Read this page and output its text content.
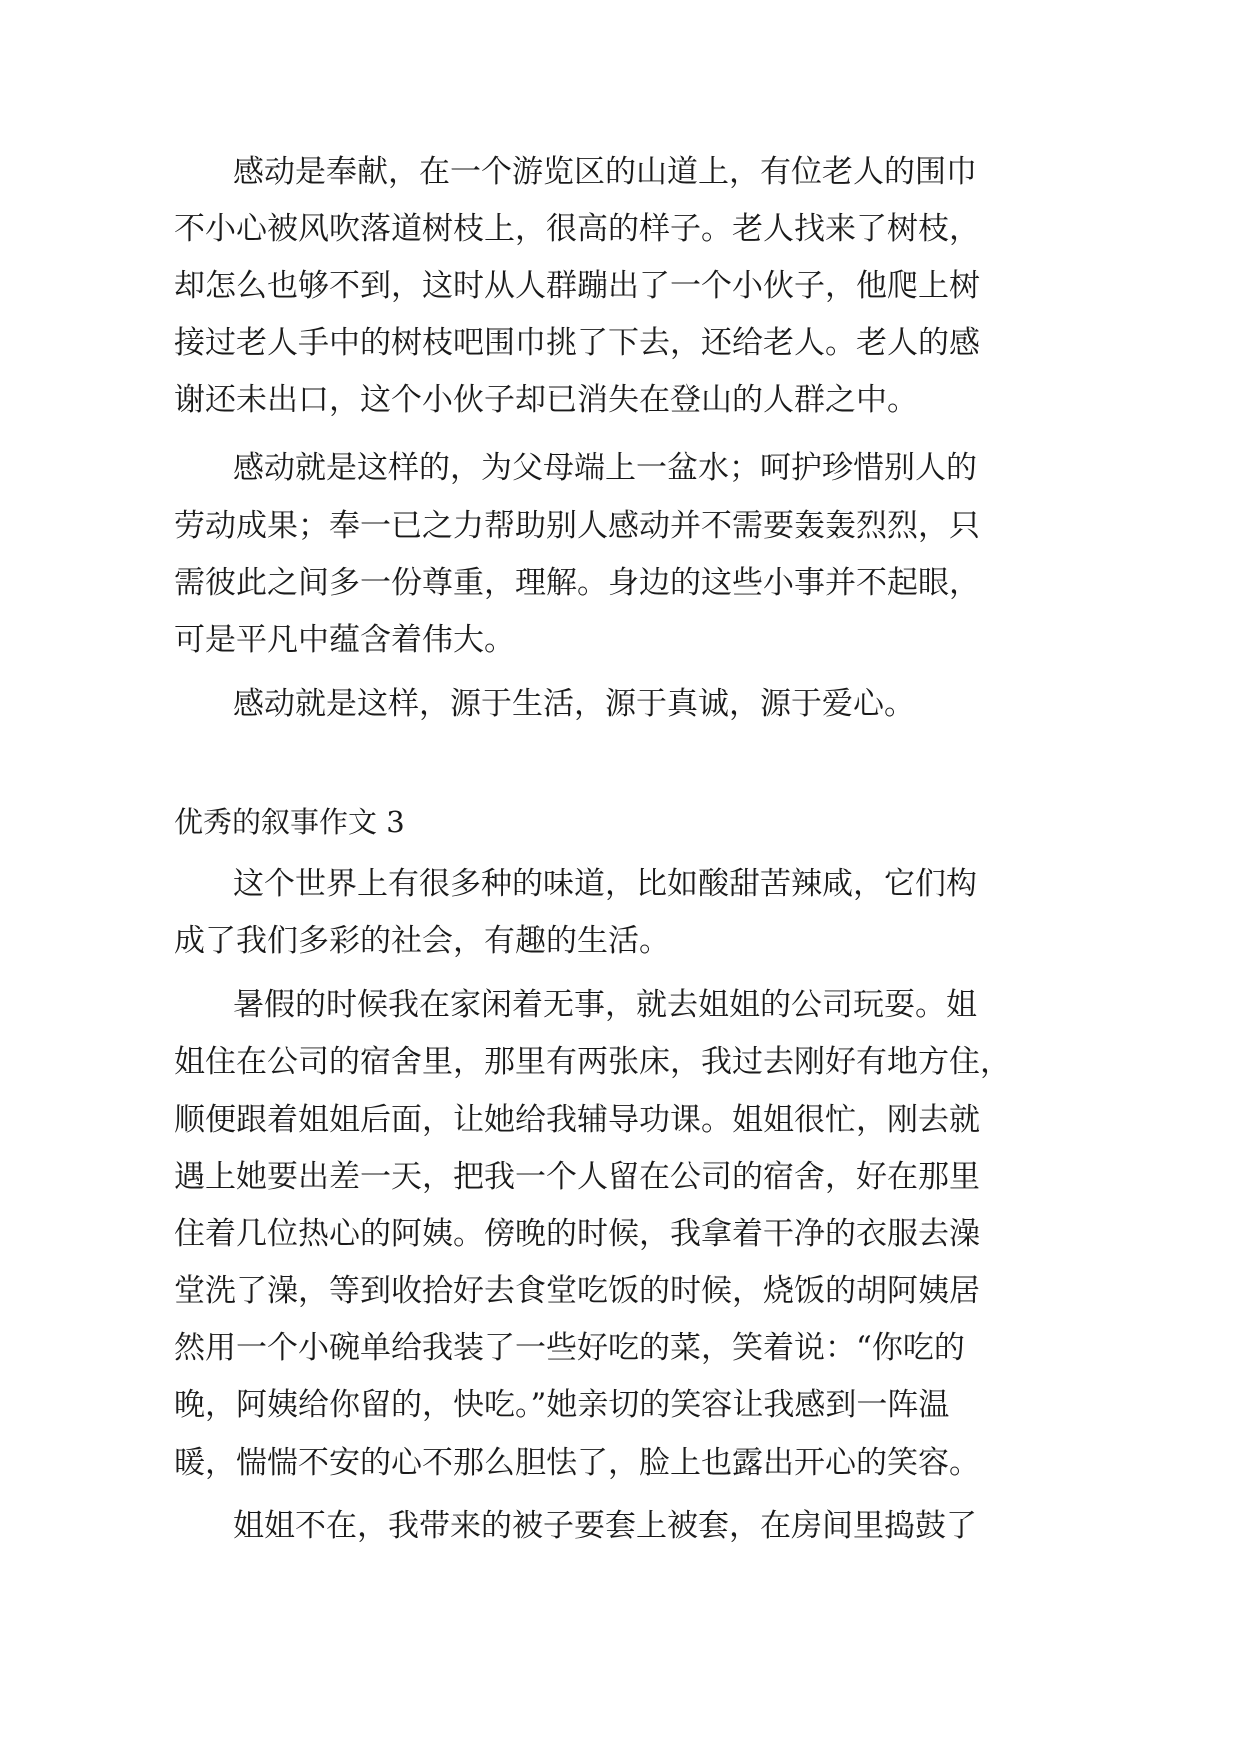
感动是奉献，在一个游览区的山道上，有位老人的围巾
不小心被风吹落道树枝上，很高的样子。老人找来了树枝，
却怎么也够不到，这时从人群蹦出了一个小伙子，他爬上树
接过老人手中的树枝吧围巾挑了下去，还给老人。老人的感
谢还未出口，这个小伙子却已消失在登山的人群之中。
感动就是这样的，为父母端上一盆水；呵护珍惜别人的
劳动成果；奉一已之力帮助别人感动并不需要轰轰烈烈，只
需彼此之间多一份尊重，理解。身边的这些小事并不起眼，
可是平凡中蕴含着伟大。
感动就是这样，源于生活，源于真诚，源于爱心。
优秀的叙事作文 3
这个世界上有很多种的味道，比如酸甜苦辣咸，它们构
成了我们多彩的社会，有趣的生活。
暑假的时候我在家闲着无事，就去姐姐的公司玩耍。姐
姐住在公司的宿舍里，那里有两张床，我过去刚好有地方住，
顺便跟着姐姐后面，让她给我辅导功课。姐姐很忙，刚去就
遇上她要出差一天，把我一个人留在公司的宿舍，好在那里
住着几位热心的阿姨。傍晚的时候，我拿着干净的衣服去澡
堂洗了澡，等到收拾好去食堂吃饭的时候，烧饭的胡阿姨居
然用一个小碗单给我装了一些好吃的菜，笑着说：“你吃的
晚，阿姨给你留的，快吃。”她亲切的笑容让我感到一阵温
暖，惴惴不安的心不那么胆怯了，脸上也露出开心的笑容。
姐姐不在，我带来的被子要套上被套，在房间里捣鼓了
